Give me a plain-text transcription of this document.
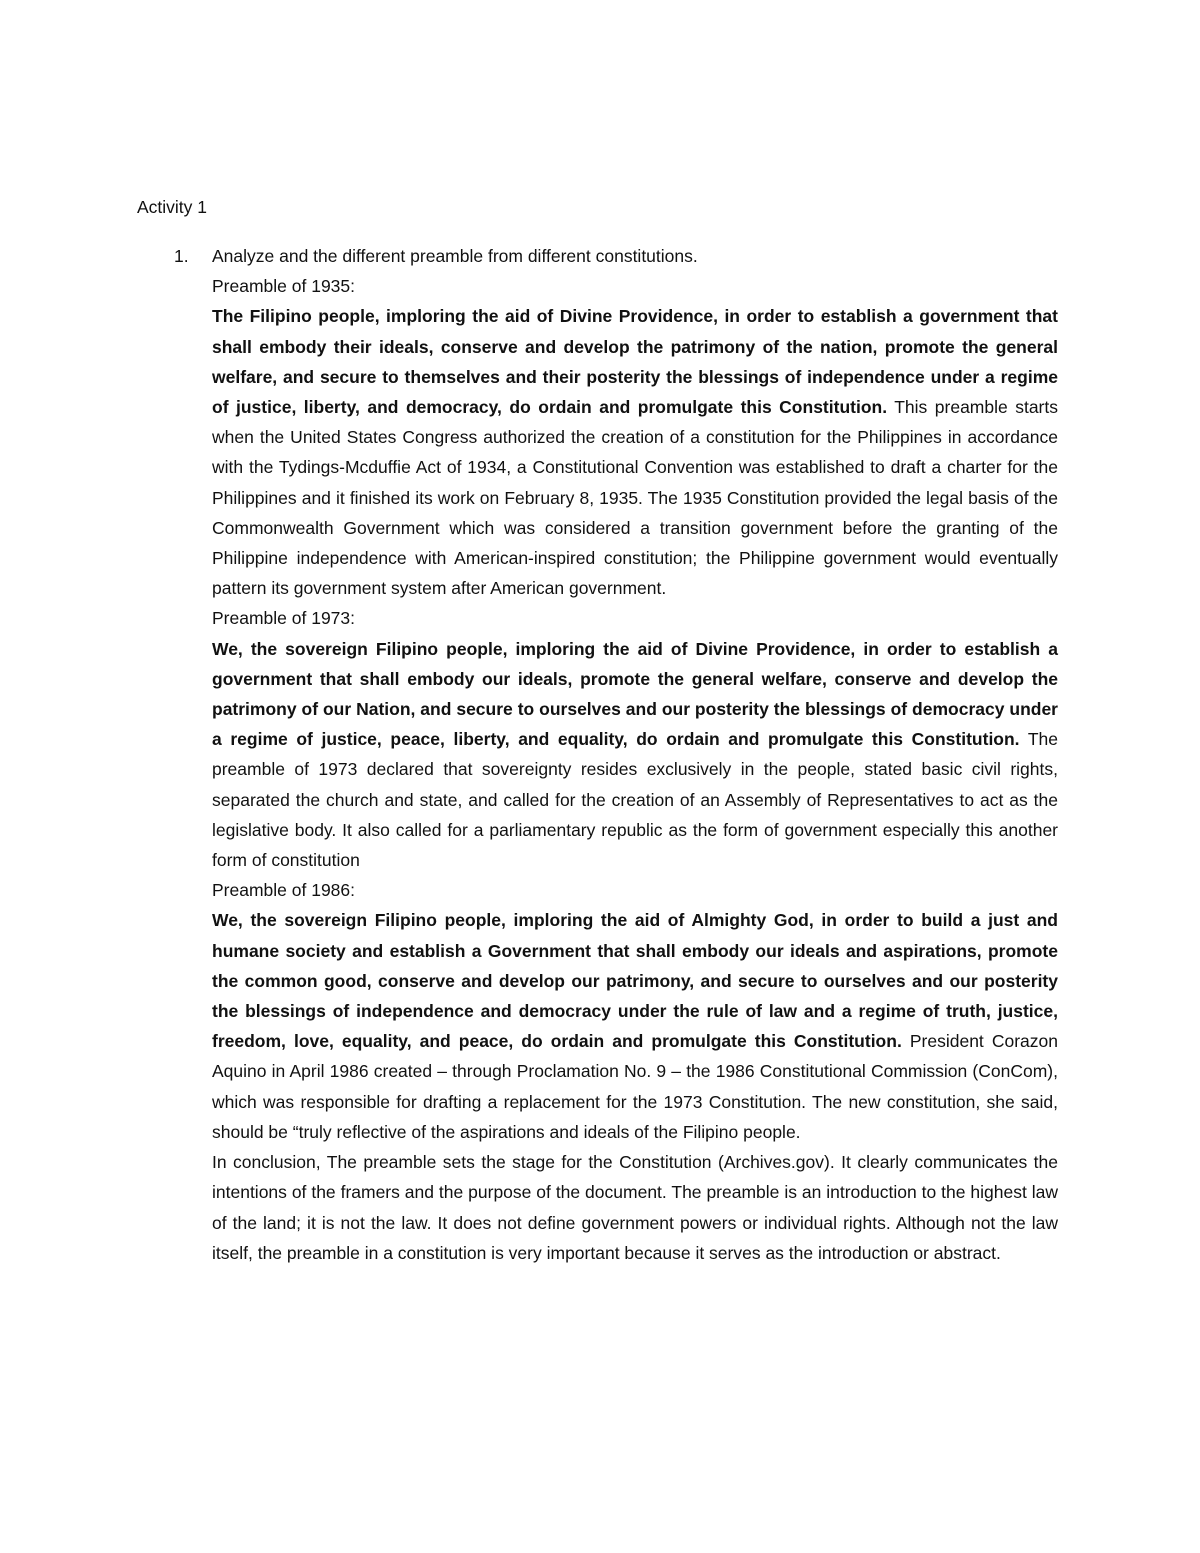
Activity 1
1. Analyze and the different preamble from different constitutions.

Preamble of 1935:

The Filipino people, imploring the aid of Divine Providence, in order to establish a government that shall embody their ideals, conserve and develop the patrimony of the nation, promote the general welfare, and secure to themselves and their posterity the blessings of independence under a regime of justice, liberty, and democracy, do ordain and promulgate this Constitution. This preamble starts when the United States Congress authorized the creation of a constitution for the Philippines in accordance with the Tydings-Mcduffie Act of 1934, a Constitutional Convention was established to draft a charter for the Philippines and it finished its work on February 8, 1935. The 1935 Constitution provided the legal basis of the Commonwealth Government which was considered a transition government before the granting of the Philippine independence with American-inspired constitution; the Philippine government would eventually pattern its government system after American government.

Preamble of 1973:

We, the sovereign Filipino people, imploring the aid of Divine Providence, in order to establish a government that shall embody our ideals, promote the general welfare, conserve and develop the patrimony of our Nation, and secure to ourselves and our posterity the blessings of democracy under a regime of justice, peace, liberty, and equality, do ordain and promulgate this Constitution. The preamble of 1973 declared that sovereignty resides exclusively in the people, stated basic civil rights, separated the church and state, and called for the creation of an Assembly of Representatives to act as the legislative body. It also called for a parliamentary republic as the form of government especially this another form of constitution

Preamble of 1986:

We, the sovereign Filipino people, imploring the aid of Almighty God, in order to build a just and humane society and establish a Government that shall embody our ideals and aspirations, promote the common good, conserve and develop our patrimony, and secure to ourselves and our posterity the blessings of independence and democracy under the rule of law and a regime of truth, justice, freedom, love, equality, and peace, do ordain and promulgate this Constitution. President Corazon Aquino in April 1986 created – through Proclamation No. 9 – the 1986 Constitutional Commission (ConCom), which was responsible for drafting a replacement for the 1973 Constitution. The new constitution, she said, should be “truly reflective of the aspirations and ideals of the Filipino people.

In conclusion, The preamble sets the stage for the Constitution (Archives.gov). It clearly communicates the intentions of the framers and the purpose of the document. The preamble is an introduction to the highest law of the land; it is not the law. It does not define government powers or individual rights. Although not the law itself, the preamble in a constitution is very important because it serves as the introduction or abstract.
